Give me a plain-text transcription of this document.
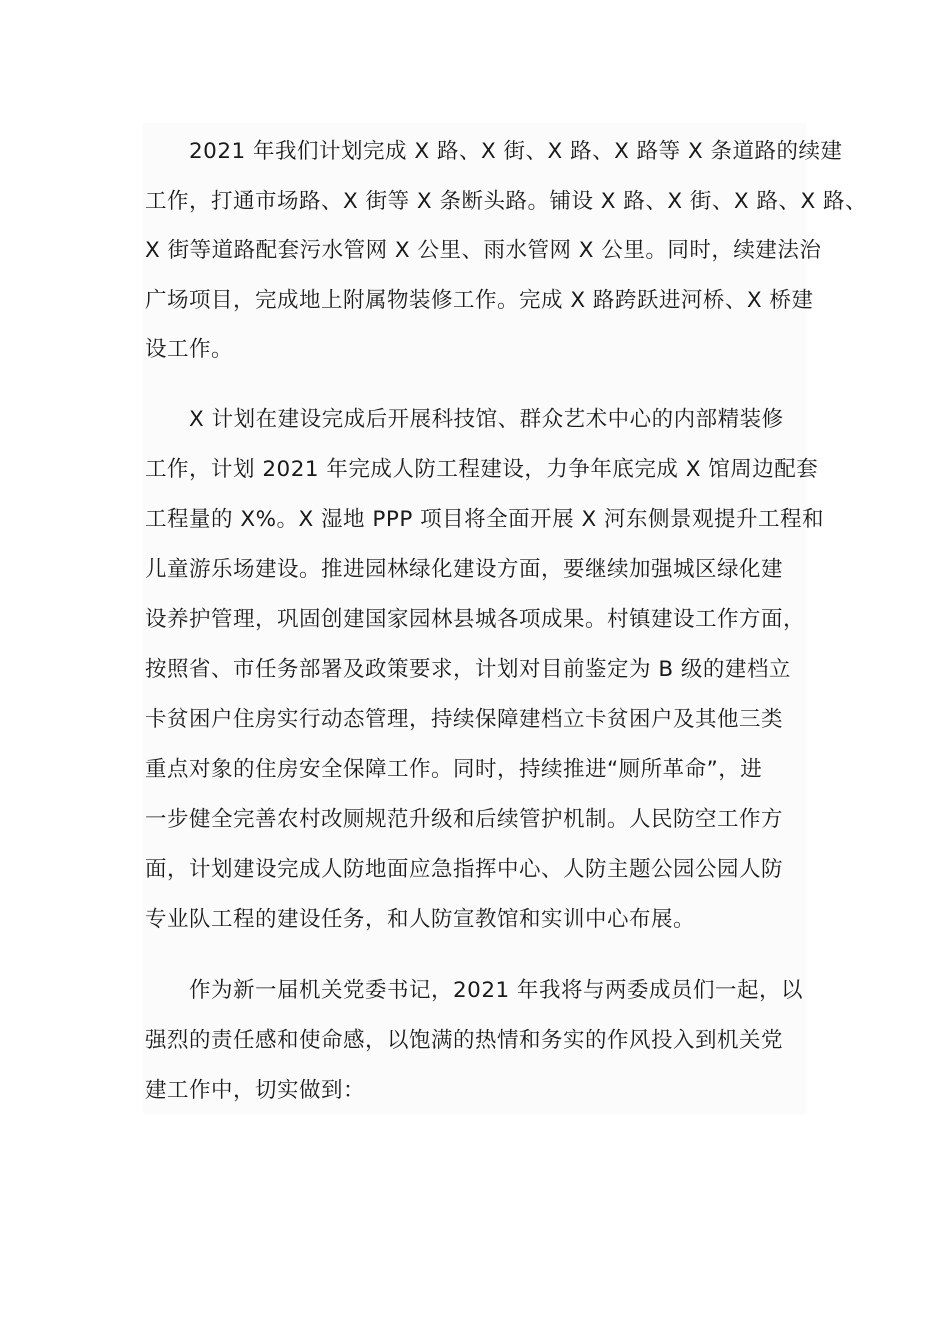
2021 年我们计划完成 X 路、X 街、X 路、X 路等 X 条道路的续建
工作，打通市场路、X 街等 X 条断头路。铺设 X 路、X 街、X 路、X 路、
X 街等道路配套污水管网 X 公里、雨水管网 X 公里。同时，续建法治
广场项目，完成地上附属物装修工作。完成 X 路跨跃进河桥、X 桥建
设工作。
X 计划在建设完成后开展科技馆、群众艺术中心的内部精装修
工作，计划 2021 年完成人防工程建设，力争年底完成 X 馆周边配套
工程量的 X%。X 湿地 PPP 项目将全面开展 X 河东侧景观提升工程和
儿童游乐场建设。推进园林绿化建设方面，要继续加强城区绿化建
设养护管理，巩固创建国家园林县城各项成果。村镇建设工作方面，
按照省、市任务部署及政策要求，计划对目前鉴定为 B 级的建档立
卡贫困户住房实行动态管理，持续保障建档立卡贫困户及其他三类
重点对象的住房安全保障工作。同时，持续推进“厕所革命”，进
一步健全完善农村改厕规范升级和后续管护机制。人民防空工作方
面，计划建设完成人防地面应急指挥中心、人防主题公园公园人防
专业队工程的建设任务，和人防宣教馆和实训中心布展。
作为新一届机关党委书记，2021 年我将与两委成员们一起，以
强烈的责任感和使命感，以饱满的热情和务实的作风投入到机关党
建工作中，切实做到：
